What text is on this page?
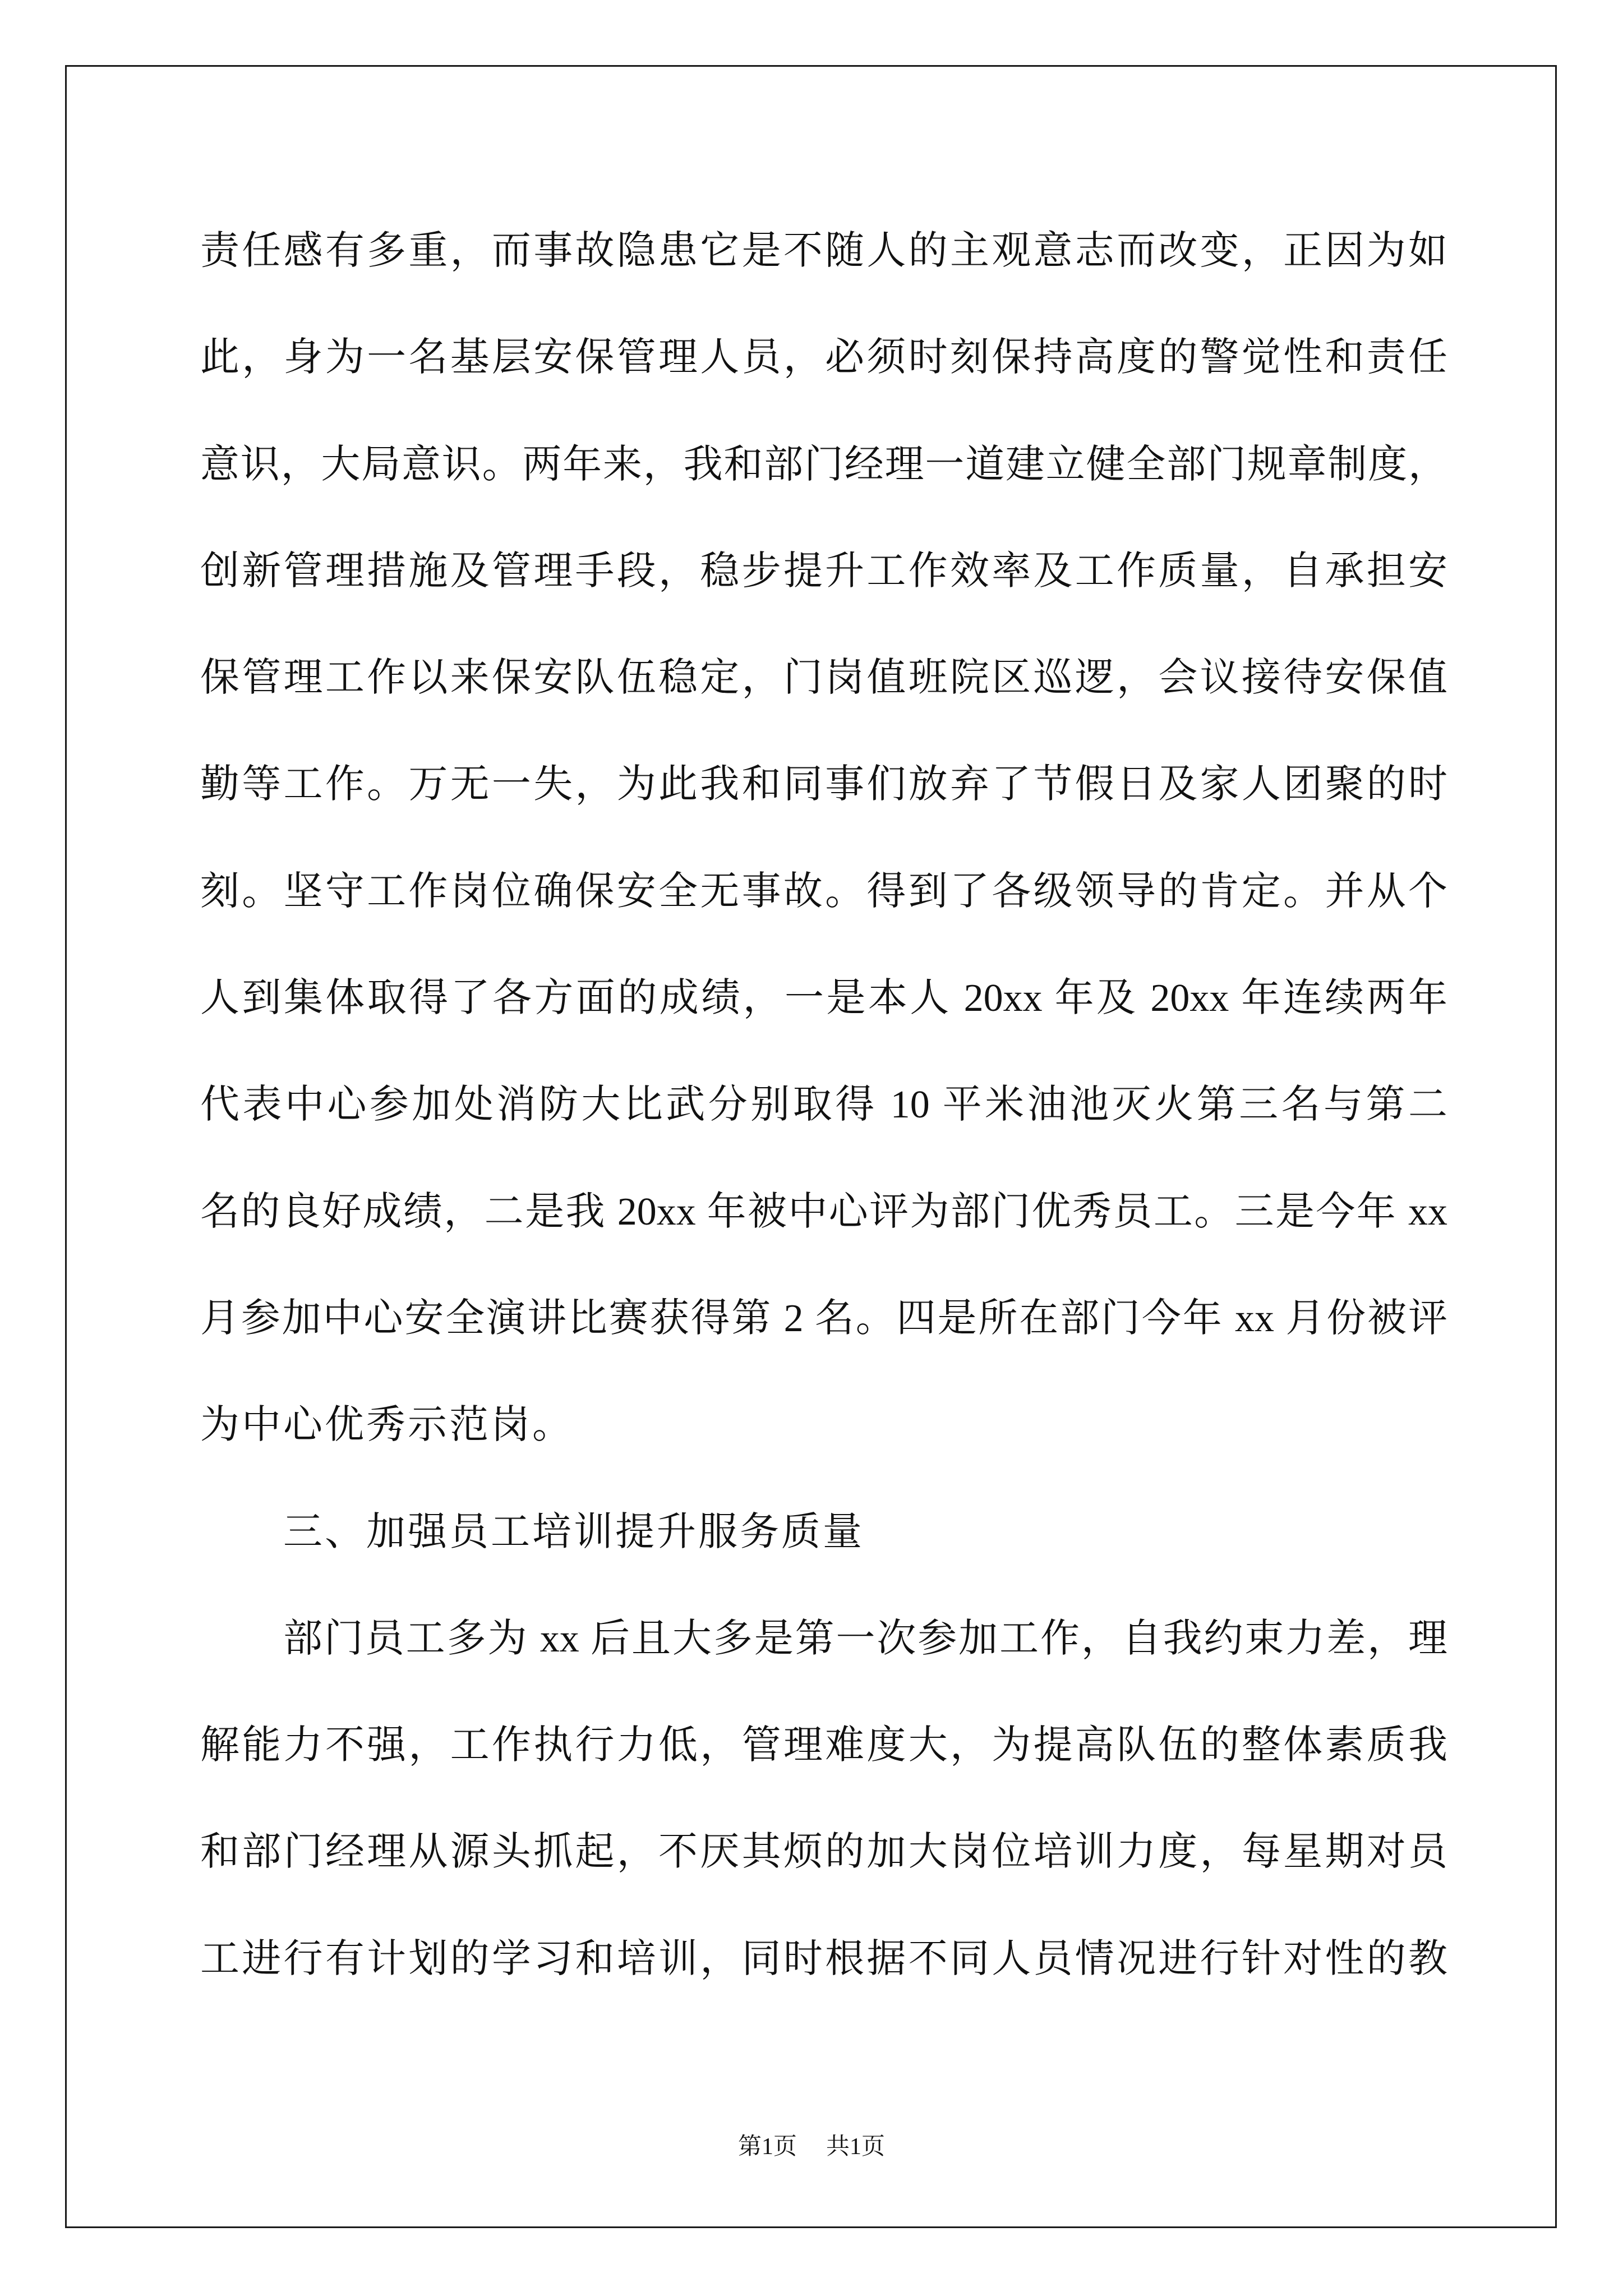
责任感有多重，而事故隐患它是不随人的主观意志而改变，正因为如
此，身为一名基层安保管理人员，必须时刻保持高度的警觉性和责任
意识，大局意识。两年来，我和部门经理一道建立健全部门规章制度，
创新管理措施及管理手段，稳步提升工作效率及工作质量，自承担安
保管理工作以来保安队伍稳定，门岗值班院区巡逻，会议接待安保值
勤等工作。万无一失，为此我和同事们放弃了节假日及家人团聚的时
刻。坚守工作岗位确保安全无事故。得到了各级领导的肯定。并从个
人到集体取得了各方面的成绩，一是本人 20xx 年及 20xx 年连续两年
代表中心参加处消防大比武分别取得 10 平米油池灭火第三名与第二
名的良好成绩，二是我 20xx 年被中心评为部门优秀员工。三是今年 xx
月参加中心安全演讲比赛获得第 2 名。四是所在部门今年 xx 月份被评
为中心优秀示范岗。
三、加强员工培训提升服务质量
部门员工多为 xx 后且大多是第一次参加工作，自我约束力差，理
解能力不强，工作执行力低，管理难度大，为提高队伍的整体素质我
和部门经理从源头抓起，不厌其烦的加大岗位培训力度，每星期对员
工进行有计划的学习和培训，同时根据不同人员情况进行针对性的教
第1页 共1页
